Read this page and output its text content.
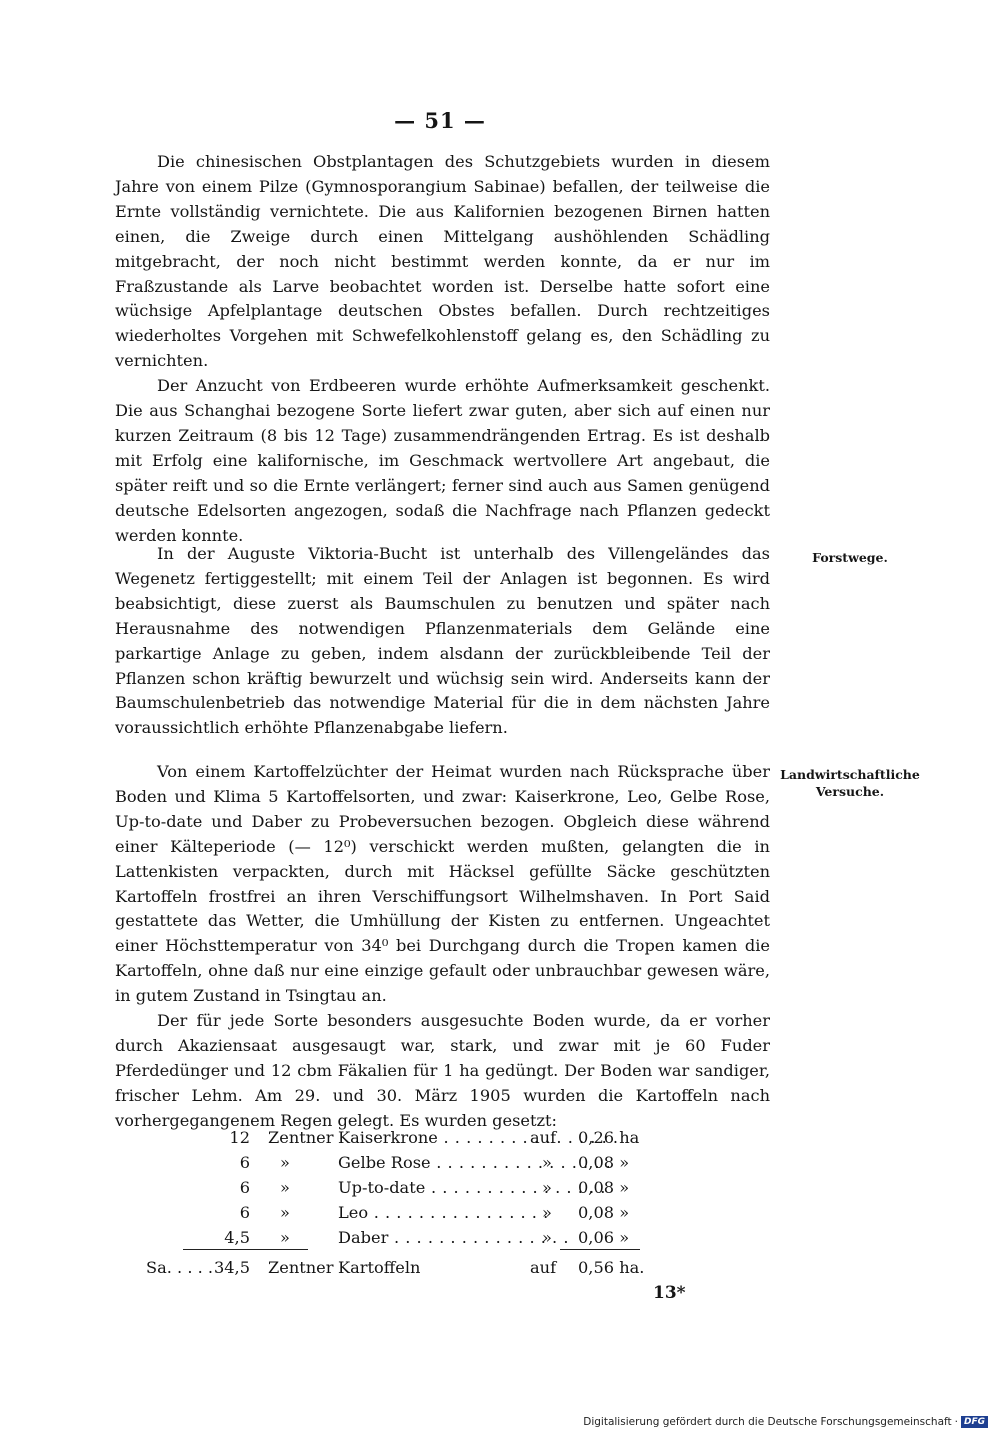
— 51 —

Die chinesischen Obstplantagen des Schutzgebiets wurden in diesem Jahre von einem Pilze (Gymnosporangium Sabinae) befallen, der teilweise die Ernte vollständig vernichtete. Die aus Kalifornien bezogenen Birnen hatten einen, die Zweige durch einen Mittelgang aushöhlenden Schädling mitgebracht, der noch nicht bestimmt werden konnte, da er nur im Fraßzustande als Larve beobachtet worden ist. Derselbe hatte sofort eine wüchsige Apfelplantage deutschen Obstes befallen. Durch rechtzeitiges wiederholtes Vorgehen mit Schwefelkohlenstoff gelang es, den Schädling zu vernichten.

Der Anzucht von Erdbeeren wurde erhöhte Aufmerksamkeit geschenkt. Die aus Schanghai bezogene Sorte liefert zwar guten, aber sich auf einen nur kurzen Zeitraum (8 bis 12 Tage) zusammendrängenden Ertrag. Es ist deshalb mit Erfolg eine kalifornische, im Geschmack wertvollere Art angebaut, die später reift und so die Ernte verlängert; ferner sind auch aus Samen genügend deutsche Edelsorten angezogen, sodaß die Nachfrage nach Pflanzen gedeckt werden konnte.

In der Auguste Viktoria-Bucht ist unterhalb des Villengeländes das Wegenetz fertiggestellt; mit einem Teil der Anlagen ist begonnen. Es wird beabsichtigt, diese zuerst als Baumschulen zu benutzen und später nach Herausnahme des notwendigen Pflanzenmaterials dem Gelände eine parkartige Anlage zu geben, indem alsdann der zurückbleibende Teil der Pflanzen schon kräftig bewurzelt und wüchsig sein wird. Anderseits kann der Baumschulenbetrieb das notwendige Material für die in dem nächsten Jahre voraussichtlich erhöhte Pflanzenabgabe liefern.

Forstwege.

Von einem Kartoffelzüchter der Heimat wurden nach Rücksprache über Boden und Klima 5 Kartoffelsorten, und zwar: Kaiserkrone, Leo, Gelbe Rose, Up-to-date und Daber zu Probeversuchen bezogen. Obgleich diese während einer Kälteperiode (— 12⁰) verschickt werden mußten, gelangten die in Lattenkisten verpackten, durch mit Häcksel gefüllte Säcke geschützten Kartoffeln frostfrei an ihren Verschiffungsort Wilhelmshaven. In Port Said gestattete das Wetter, die Umhüllung der Kisten zu entfernen. Ungeachtet einer Höchsttemperatur von 34⁰ bei Durchgang durch die Tropen kamen die Kartoffeln, ohne daß nur eine einzige gefault oder unbrauchbar gewesen wäre, in gutem Zustand in Tsingtau an.

Der für jede Sorte besonders ausgesuchte Boden wurde, da er vorher durch Akaziensaat ausgesaugt war, stark, und zwar mit je 60 Fuder Pferdedünger und 12 cbm Fäkalien für 1 ha gedüngt. Der Boden war sandiger, frischer Lehm. Am 29. und 30. März 1905 wurden die Kartoffeln nach vorhergegangenem Regen gelegt. Es wurden gesetzt:

Landwirtschaftliche
Versuche.
12 Zentner Kaiserkrone . . .	auf 0,26 ha
6 »	Gelbe Rose . . .	»	0,08 »
6 »	Up-to-date . . .	»	0,08 »
6 »	Leo . . .	»	0,08 »
4,5 »	Daber . . .	»	0,06 »
Sa. . . . . 34,5 Zentner Kartoffeln	auf 0,56 ha.
13*
Digitalisierung gefördert durch die Deutsche Forschungsgemeinschaft · DFG
